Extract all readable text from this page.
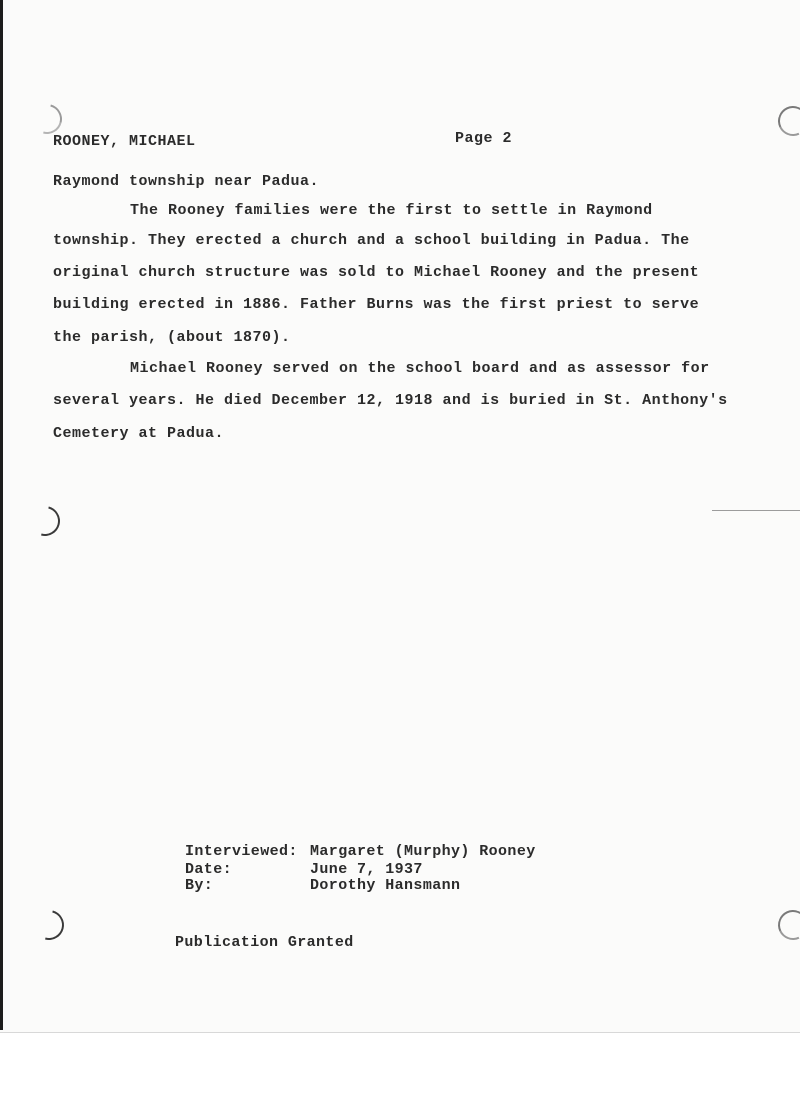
ROONEY, MICHAEL	Page 2

Raymond township near Padua.

The Rooney families were the first to settle in Raymond

township. They erected a church and a school building in Padua. The

original church structure was sold to Michael Rooney and the present

building erected in 1886. Father Burns was the first priest to serve

the parish, (about 1870).

Michael Rooney served on the school board and as assessor for

several years. He died December 12, 1918 and is buried in St. Anthony's

Cemetery at Padua.

Interviewed: Margaret (Murphy) Rooney

Date:	June 7, 1937

By:	Dorothy Hansmann

Publication Granted
